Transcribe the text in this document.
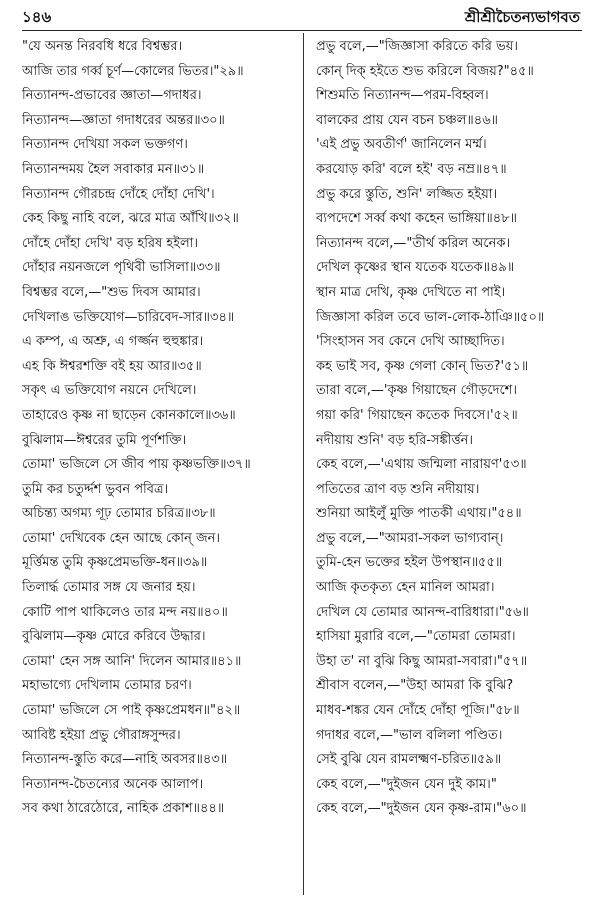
১৪৬	শ্রীশ্রীচৈতন্যভাগবত
"যে অনন্ত নিরবধি ধরে বিশ্বম্ভর।
আজি তার গর্ব্ব চূর্ণ—কোলের ভিতর।"২৯॥
নিত্যানন্দ-প্রভাবের জ্ঞাতা—গদাধর।
নিত্যানন্দ—জ্ঞাতা গদাধরের অন্তর॥৩০॥
নিত্যানন্দ দেখিয়া সকল ভক্তগণ।
নিত্যানন্দময় হৈল সবাকার মন॥৩১॥
নিত্যানন্দ গৌরচন্দ্র দোঁহে দোঁহা দেখি'।
কেহ কিছু নাহি বলে, ঝরে মাত্র আঁখি॥৩২॥
দোঁহে দোঁহা দেখি' বড় হরিষ হইলা।
দোঁহার নয়নজলে পৃথিবী ভাসিলা॥৩৩॥
বিশ্বম্ভর বলে,—"শুভ দিবস আমার।
দেখিলাঙ ভক্তিযোগ—চারিবেদ-সার॥৩৪॥
এ কম্প, এ অশ্রু, এ গর্জ্জন হুহুঙ্কার।
এহ কি ঈশ্বরশক্তি বই হয় আর॥৩৫॥
সকৃৎ এ ভক্তিযোগ নয়নে দেখিলে।
তাহারেও কৃষ্ণ না ছাড়েন কোনকালে॥৩৬॥
বুঝিলাম—ঈশ্বরের তুমি পূর্ণশক্তি।
তোমা' ভজিলে সে জীব পায় কৃষ্ণভক্তি॥৩৭॥
তুমি কর চতুর্দ্দশ ভুবন পবিত্র।
অচিন্ত্য অগম্য গূঢ় তোমার চরিত্র॥৩৮॥
তোমা' দেখিবেক হেন আছে কোন্ জন।
মূর্ত্তিমন্ত তুমি কৃষ্ণপ্রেমভক্তি-ধন॥৩৯॥
তিলার্দ্ধ তোমার সঙ্গ যে জনার হয়।
কোটি পাপ থাকিলেও তার মন্দ নয়॥৪০॥
বুঝিলাম—কৃষ্ণ মোরে করিবে উদ্ধার।
তোমা' হেন সঙ্গ আনি' দিলেন আমার॥৪১॥
মহাভাগ্যে দেখিলাম তোমার চরণ।
তোমা' ভজিলে সে পাই কৃষ্ণপ্রেমধন॥"৪২॥
আবিষ্ট হইয়া প্রভু গৌরাঙ্গসুন্দর।
নিত্যানন্দ-স্তুতি করে—নাহি অবসর॥৪৩॥
নিত্যানন্দ-চৈতন্যের অনেক আলাপ।
সব কথা ঠারেঠোরে, নাহিক প্রকাশ॥৪৪॥
প্রভু বলে,—"জিজ্ঞাসা করিতে করি ভয়।
কোন্ দিক্ হইতে শুভ করিলে বিজয়?"৪৫॥
শিশুমতি নিত্যানন্দ—পরম-বিহ্বল।
বালকের প্রায় যেন বচন চঞ্চল॥৪৬॥
'এই প্রভু অবতীর্ণ' জানিলেন মর্ম্ম।
করযোড় করি' বলে হই' বড় নম্র॥৪৭॥
প্রভু করে স্তুতি, শুনি' লজ্জিত হইয়া।
ব্যপদেশে সর্ব্ব কথা কহেন ভাঙ্গিয়া॥৪৮॥
নিত্যানন্দ বলে,—"তীর্থ করিল অনেক।
দেখিল কৃষ্ণের স্থান যতেক যতেক॥৪৯॥
স্থান মাত্র দেখি, কৃষ্ণ দেখিতে না পাই।
জিজ্ঞাসা করিল তবে ভাল-লোক-ঠাঞি॥৫০॥
'সিংহাসন সব কেনে দেখি আচ্ছাদিত।
কহ ভাই সব, কৃষ্ণ গেলা কোন্ ভিত?'৫১॥
তারা বলে,—'কৃষ্ণ গিয়াছেন গৌড়দেশে।
গয়া করি' গিয়াছেন কতেক দিবসে।'৫২॥
নদীয়ায় শুনি' বড় হরি-সঙ্কীর্ত্তন।
কেহ বলে,—'এথায় জন্মিলা নারায়ণ'৫৩॥
পতিতের ত্রাণ বড় শুনি নদীয়ায়।
শুনিয়া আইলুঁ মুক্তি পাতকী এথায়।"৫৪॥
প্রভু বলে,—"আমরা-সকল ভাগ্যবান্।
তুমি-হেন ভক্তের হইল উপস্থান॥৫৫॥
আজি কৃতকৃত্য হেন মানিল আমরা।
দেখিল যে তোমার আনন্দ-বারিধারা।"৫৬॥
হাসিয়া মুরারি বলে,—"তোমরা তোমরা।
উহা ত' না বুঝি কিছু আমরা-সবারা।"৫৭॥
শ্রীবাস বলেন,—"উহা আমরা কি বুঝি?
মাধব-শঙ্কর যেন দোঁহে দোঁহা পূজি।"৫৮॥
গদাধর বলে,—"ভাল বলিলা পণ্ডিত।
সেই বুঝি যেন রামলক্ষ্মণ-চরিত॥৫৯॥
কেহ বলে,—"দুইজন যেন দুই কাম।"
কেহ বলে,—"দুইজন যেন কৃষ্ণ-রাম।"৬০॥
